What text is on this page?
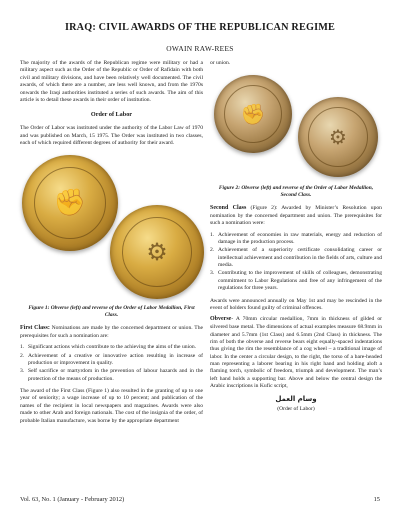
IRAQ: CIVIL AWARDS OF THE REPUBLICAN REGIME
OWAIN RAW-REES

The majority of the awards of the Republican regime were military or had a military aspect such as the Order of the Republic or Order of Rafidain with both civil and military divisions, and have been relatively well documented. The civil awards, of which there are a number, are less well known, and from the 1970s onwards the Iraqi authorities instituted a series of such awards. The aim of this article is to detail these awards in their order of institution.

Order of Labor

The Order of Labor was instituted under the authority of the Labor Law of 1970 and was published on March, 15 1975. The Order was instituted in two classes, each of which required different degrees of authority for their award.

✊
⚙
Figure 1: Obverse (left) and reverse of the Order of Labor Medallion, First Class.

First Class: Nominations are made by the concerned department or union. The prerequisites for such a nomination are:

1. Significant actions which contribute to the achieving the aims of the union.
2. Achievement of a creative or innovative action resulting in increase of production or improvement in quality.
3. Self sacrifice or martyrdom in the prevention of labour hazards and in the protection of the means of production.

The award of the First Class (Figure 1) also resulted in the granting of up to one year of seniority; a wage increase of up to 10 percent; and publication of the names of the recipient in local newspapers and magazines. Awards were also made to other Arab and foreign nationals. The cost of the insignia of the order, of probable Italian manufacture, was borne by the appropriate department

or union.

✊
⚙
Figure 2: Obverse (left) and reverse of the Order of Labor Medallion, Second Class.

Second Class (Figure 2): Awarded by Minister’s Resolution upon nomination by the concerned department and union. The prerequisites for such a nomination were:

1. Achievement of economies in raw materials, energy and reduction of damage in the production process.
2. Achievement of a superiority certificate consolidating career or intellectual achievement and contribution in the fields of arts, culture and media.
3. Contributing to the improvement of skills of colleagues, demonstrating commitment to Labor Regulations and free of any infringement of the regulations for three years.

Awards were announced annually on May 1st and may be rescinded in the event of holders found guilty of criminal offences.

Obverse- A 70mm circular medallion, 7mm in thickness of gilded or silvered base metal. The dimensions of actual examples measure 68.9mm in diameter and 5.7mm (1st Class) and 6.5mm (2nd Class) in thickness. The rim of both the obverse and reverse bears eight equally-spaced indentations thus giving the rim the resemblance of a cog wheel – a traditional image of labor. In the center a circular design, to the right, the torso of a bare-headed man representing a laborer bearing in his right hand and holding aloft a flaming torch, symbolic of freedom, triumph and development. The man’s left hand holds a supporting bar. Above and below the central design the Arabic inscriptions in Kufic script,

وسام العمل
(Order of Labor)
Vol. 63, No. 1 (January - February 2012)	15
